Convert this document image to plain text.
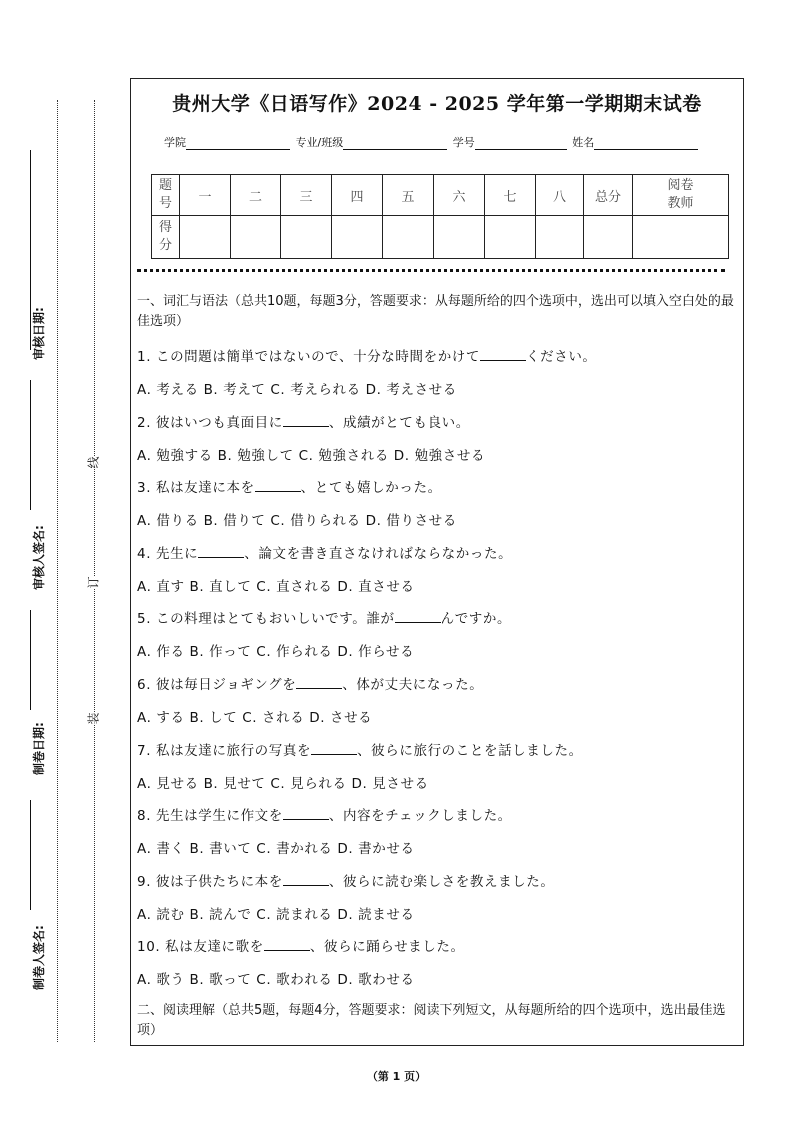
审核日期:
审核人签名:
制卷日期:
制卷人签名:
线
订
装
贵州大学《日语写作》2024 - 2025 学年第一学期期末试卷
学院	专业/班级	学号	姓名
题号	一	二	三	四	五	六	七	八	总分	阅卷教师
得分										
一、词汇与语法（总共10题，每题3分，答题要求：从每题所给的四个选项中，选出可以填入空白处的最佳选项）
1. この問題は簡単ではないので、十分な時間をかけて	ください。
A. 考える B. 考えて C. 考えられる D. 考えさせる
2. 彼はいつも真面目に	、成績がとても良い。
A. 勉強する B. 勉強して C. 勉強される D. 勉強させる
3. 私は友達に本を	、とても嬉しかった。
A. 借りる B. 借りて C. 借りられる D. 借りさせる
4. 先生に	、論文を書き直さなければならなかった。
A. 直す B. 直して C. 直される D. 直させる
5. この料理はとてもおいしいです。誰が	んですか。
A. 作る B. 作って C. 作られる D. 作らせる
6. 彼は毎日ジョギングを	、体が丈夫になった。
A. する B. して C. される D. させる
7. 私は友達に旅行の写真を	、彼らに旅行のことを話しました。
A. 見せる B. 見せて C. 見られる D. 見させる
8. 先生は学生に作文を	、内容をチェックしました。
A. 書く B. 書いて C. 書かれる D. 書かせる
9. 彼は子供たちに本を	、彼らに読む楽しさを教えました。
A. 読む B. 読んで C. 読まれる D. 読ませる
10. 私は友達に歌を	、彼らに踊らせました。
A. 歌う B. 歌って C. 歌われる D. 歌わせる
二、阅读理解（总共5题，每题4分，答题要求：阅读下列短文，从每题所给的四个选项中，选出最佳选项）
（第 1 页）
